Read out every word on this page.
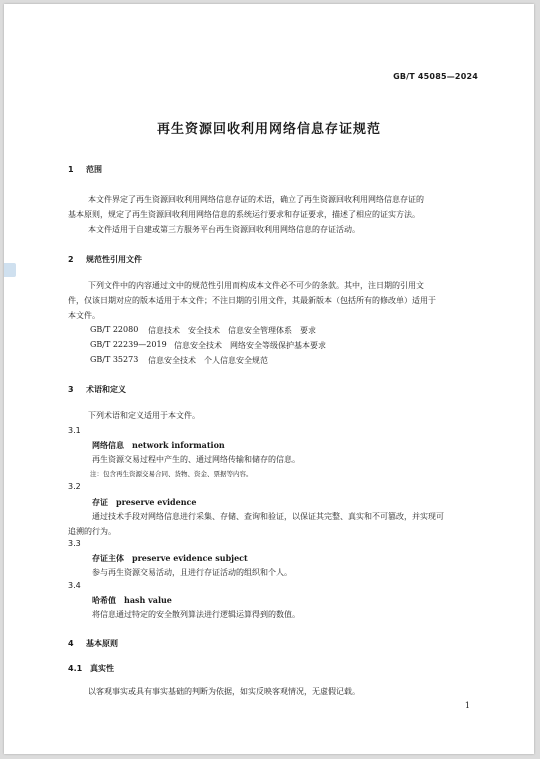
GB/T 45085—2024
再生资源回收利用网络信息存证规范
1 范围
本文件界定了再生资源回收利用网络信息存证的术语，确立了再生资源回收利用网络信息存证的
基本原则，规定了再生资源回收利用网络信息的系统运行要求和存证要求，描述了相应的证实方法。
本文件适用于自建或第三方服务平台再生资源回收利用网络信息的存证活动。
2 规范性引用文件
下列文件中的内容通过文中的规范性引用而构成本文件必不可少的条款。其中，注日期的引用文
件，仅该日期对应的版本适用于本文件；不注日期的引用文件，其最新版本（包括所有的修改单）适用于
本文件。
GB/T 22080 信息技术　安全技术　信息安全管理体系　要求
GB/T 22239—2019 信息安全技术　网络安全等级保护基本要求
GB/T 35273 信息安全技术　个人信息安全规范
3 术语和定义
下列术语和定义适用于本文件。
3.1
网络信息 network information
再生资源交易过程中产生的、通过网络传输和储存的信息。
注：包含再生资源交易合同、货物、资金、票据等内容。
3.2
存证 preserve evidence
通过技术手段对网络信息进行采集、存储、查询和验证，以保证其完整、真实和不可篡改，并实现可
追溯的行为。
3.3
存证主体 preserve evidence subject
参与再生资源交易活动，且进行存证活动的组织和个人。
3.4
哈希值 hash value
将信息通过特定的安全散列算法进行逻辑运算得到的数值。
4 基本原则
4.1 真实性
以客观事实或具有事实基础的判断为依据，如实反映客观情况，无虚假记载。
1
